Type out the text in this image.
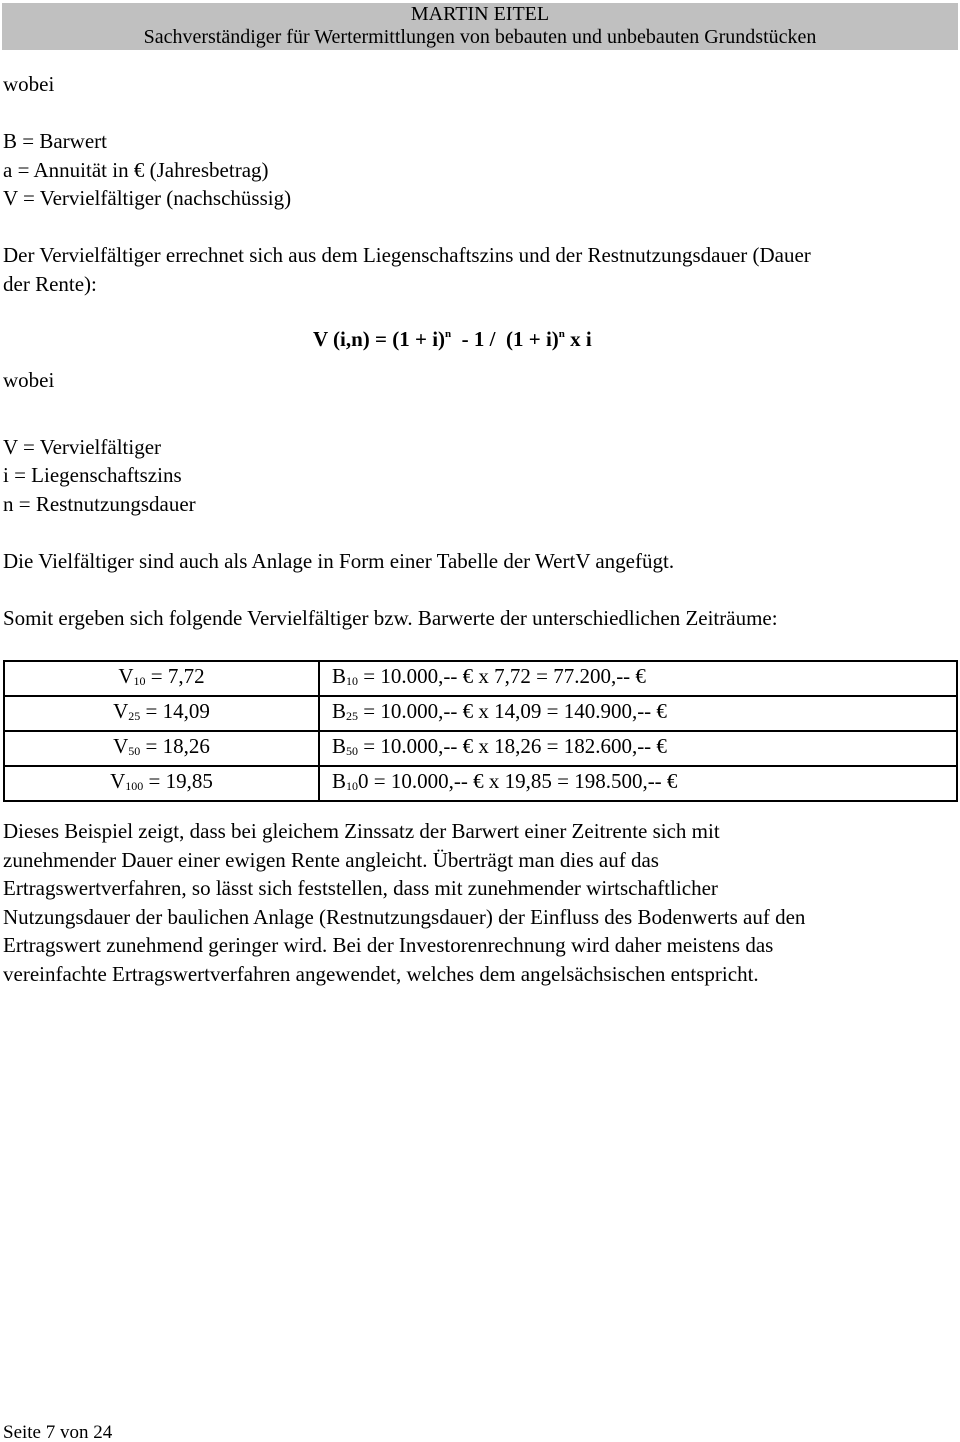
MARTIN EITEL
Sachverständiger für Wertermittlungen von bebauten und unbebauten Grundstücken
wobei
B = Barwert
a = Annuität in € (Jahresbetrag)
V = Vervielfältiger (nachschüssig)
Der Vervielfältiger errechnet sich aus dem Liegenschaftszins und der Restnutzungsdauer (Dauer
der Rente):
V $(i,n) = (1 + i)^n - 1 / (1 + i)^n$ x i
wobei
V = Vervielfältiger
i = Liegenschaftszins
n = Restnutzungsdauer
Die Vielfältiger sind auch als Anlage in Form einer Tabelle der WertV angefügt.
Somit ergeben sich folgende Vervielfältiger bzw. Barwerte der unterschiedlichen Zeiträume:
$V_{10} = 7,72$	$B_{10} = 10.000,--$ € x 7,72 = 77.200,-- €
$V_{25} = 14,09$	$B_{25} = 10.000,--$ € x 14,09 = 140.900,-- €
$V_{50} = 18,26$	$B_{50} = 10.000,--$ € x 18,26 = 182.600,-- €
$V_{100} = 19,85$	$B_{10}0 = 10.000,--$ € x 19,85 = 198.500,-- €
Dieses Beispiel zeigt, dass bei gleichem Zinssatz der Barwert einer Zeitrente sich mit
zunehmender Dauer einer ewigen Rente angleicht. Überträgt man dies auf das
Ertragswertverfahren, so lässt sich feststellen, dass mit zunehmender wirtschaftlicher
Nutzungsdauer der baulichen Anlage (Restnutzungsdauer) der Einfluss des Bodenwerts auf den
Ertragswert zunehmend geringer wird. Bei der Investorenrechnung wird daher meistens das
vereinfachte Ertragswertverfahren angewendet, welches dem angelsächsischen entspricht.
Seite 7 von 24
